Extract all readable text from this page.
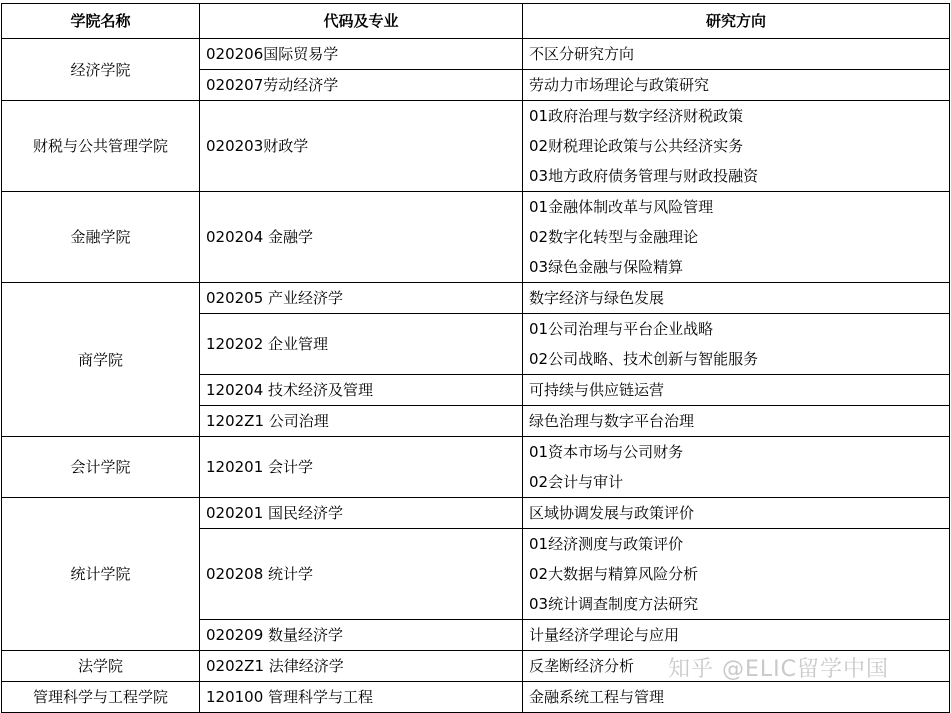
学院名称	代码及专业	研究方向
经济学院	020206国际贸易学	不区分研究方向

	020207劳动经济学	劳动力市场理论与政策研究

财税与公共管理学院	020203财政学	01政府治理与数字经济财税政策
02财税理论政策与公共经济实务
03地方政府债务管理与财政投融资

金融学院	020204 金融学	01金融体制改革与风险管理
02数字化转型与金融理论
03绿色金融与保险精算

商学院	020205 产业经济学	数字经济与绿色发展

	120202 企业管理	01公司治理与平台企业战略
02公司战略、技术创新与智能服务

	120204 技术经济及管理	可持续与供应链运营

	1202Z1 公司治理	绿色治理与数字平台治理

会计学院	120201 会计学	01资本市场与公司财务
02会计与审计

统计学院	020201 国民经济学	区域协调发展与政策评价

	020208 统计学	01经济测度与政策评价
02大数据与精算风险分析
03统计调查制度方法研究

	020209 数量经济学	计量经济学理论与应用

法学院	0202Z1 法律经济学	反垄断经济分析

管理科学与工程学院	120100 管理科学与工程	金融系统工程与管理
知乎 @ELIC留学中国
